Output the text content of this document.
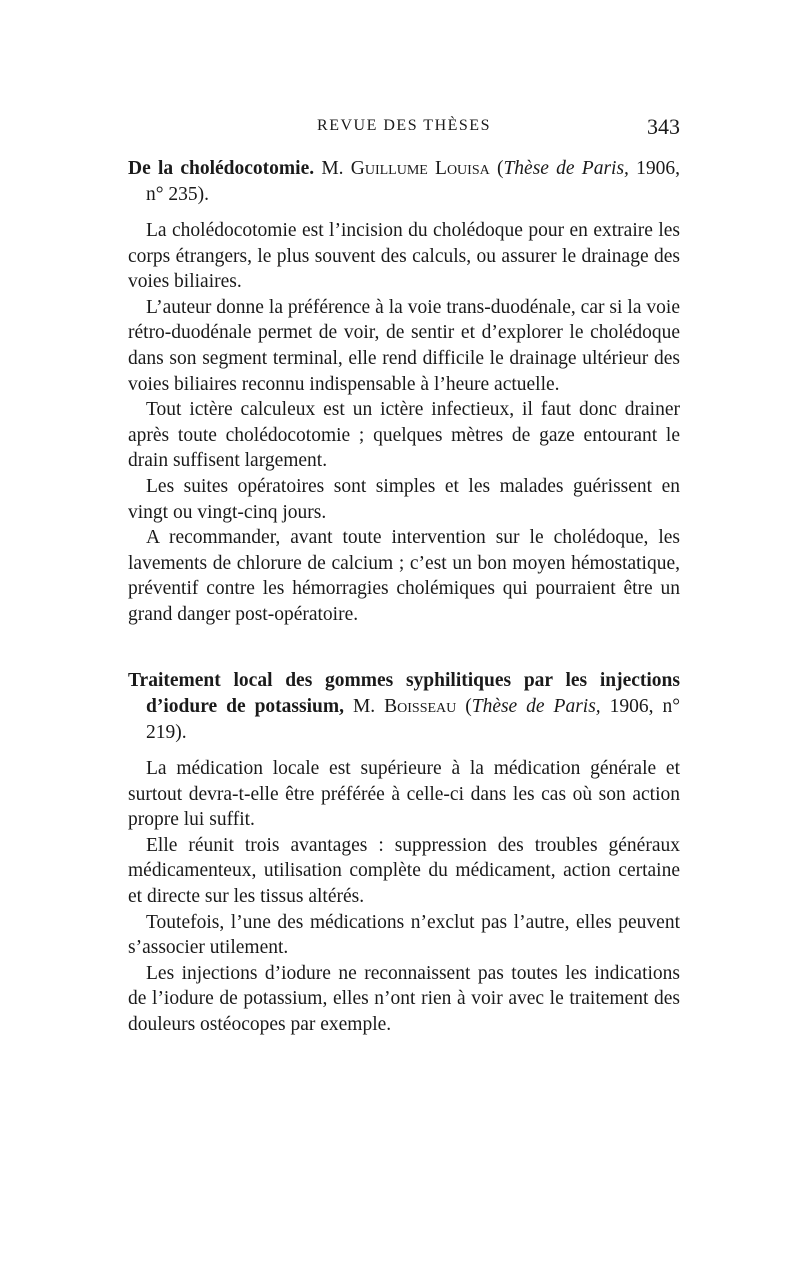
REVUE DES THÈSES	343

De la cholédocotomie. M. Guillume Louisa (Thèse de Paris, 1906, n° 235).

La cholédocotomie est l’incision du cholédoque pour en extraire les corps étrangers, le plus souvent des calculs, ou assurer le drainage des voies biliaires.

L’auteur donne la préférence à la voie trans-duodénale, car si la voie rétro-duodénale permet de voir, de sentir et d’explorer le cholédoque dans son segment terminal, elle rend difficile le drainage ultérieur des voies biliaires reconnu indispensable à l’heure actuelle.

Tout ictère calculeux est un ictère infectieux, il faut donc drainer après toute cholédocotomie ; quelques mètres de gaze entourant le drain suffisent largement.

Les suites opératoires sont simples et les malades guérissent en vingt ou vingt-cinq jours.

A recommander, avant toute intervention sur le cholédoque, les lavements de chlorure de calcium ; c’est un bon moyen hémostatique, préventif contre les hémorragies cholémiques qui pourraient être un grand danger post-opératoire.

Traitement local des gommes syphilitiques par les injections d’iodure de potassium, M. Boisseau (Thèse de Paris, 1906, n° 219).

La médication locale est supérieure à la médication générale et surtout devra-t-elle être préférée à celle-ci dans les cas où son action propre lui suffit.

Elle réunit trois avantages : suppression des troubles généraux médicamenteux, utilisation complète du médicament, action certaine et directe sur les tissus altérés.

Toutefois, l’une des médications n’exclut pas l’autre, elles peuvent s’associer utilement.

Les injections d’iodure ne reconnaissent pas toutes les indications de l’iodure de potassium, elles n’ont rien à voir avec le traitement des douleurs ostéocopes par exemple.
